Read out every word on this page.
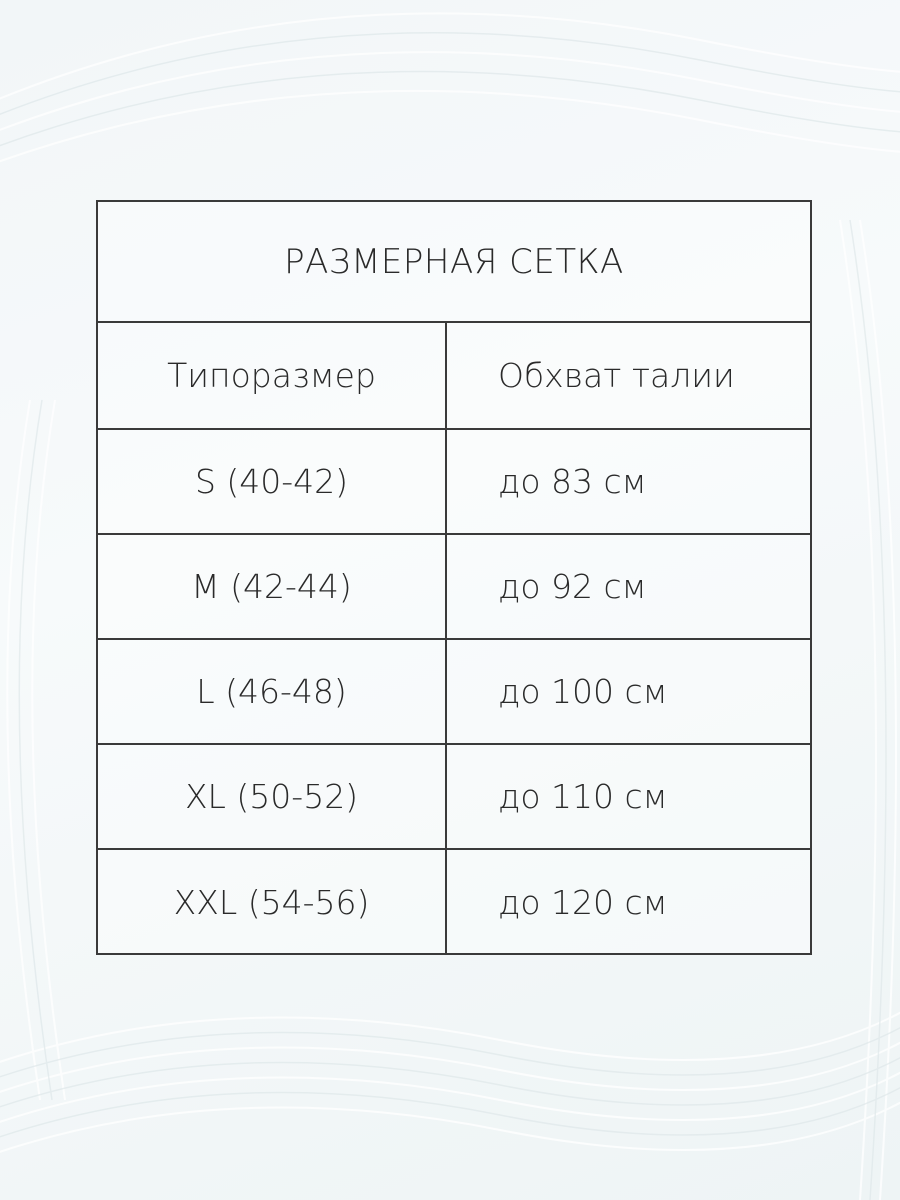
РАЗМЕРНАЯ СЕТКА
Типоразмер	Обхват талии
S (40-42)	до 83 см
M (42-44)	до 92 см
L (46-48)	до 100 см
XL (50-52)	до 110 см
XXL (54-56)	до 120 см
